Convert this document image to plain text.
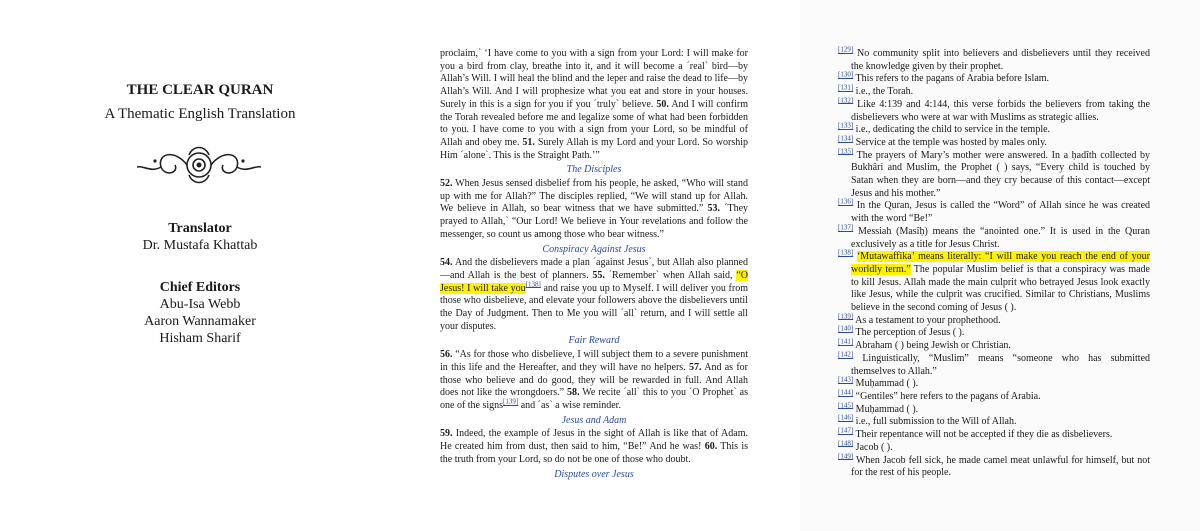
THE CLEAR QURAN
A Thematic English Translation
Translator
Dr. Mustafa Khattab
Chief Editors
Abu-Isa Webb
Aaron Wannamaker
Hisham Sharif

proclaim,` ‘I have come to you with a sign from your Lord: I will make for you a bird from clay, breathe into it, and it will become a ´real` bird—by Allah’s Will. I will heal the blind and the leper and raise the dead to life—by Allah’s Will. And I will prophesize what you eat and store in your houses. Surely in this is a sign for you if you ´truly` believe. 50. And I will confirm the Torah revealed before me and legalize some of what had been forbidden to you. I have come to you with a sign from your Lord, so be mindful of Allah and obey me. 51. Surely Allah is my Lord and your Lord. So worship Him ´alone`. This is the Straight Path.’”

The Disciples

52. When Jesus sensed disbelief from his people, he asked, “Who will stand up with me for Allah?” The disciples replied, “We will stand up for Allah. We believe in Allah, so bear witness that we have submitted.” 53. ´They prayed to Allah,` “Our Lord! We believe in Your revelations and follow the messenger, so count us among those who bear witness.”

Conspiracy Against Jesus

54. And the disbelievers made a plan ´against Jesus`, but Allah also planned—and Allah is the best of planners. 55. ´Remember` when Allah said, “O Jesus! I will take you[138] and raise you up to Myself. I will deliver you from those who disbelieve, and elevate your followers above the disbelievers until the Day of Judgment. Then to Me you will ´all` return, and I will settle all your disputes.

Fair Reward

56. “As for those who disbelieve, I will subject them to a severe punishment in this life and the Hereafter, and they will have no helpers. 57. And as for those who believe and do good, they will be rewarded in full. And Allah does not like the wrongdoers.” 58. We recite ´all` this to you ´O Prophet` as one of the signs[139] and ´as` a wise reminder.

Jesus and Adam

59. Indeed, the example of Jesus in the sight of Allah is like that of Adam. He created him from dust, then said to him, “Be!” And he was! 60. This is the truth from your Lord, so do not be one of those who doubt.

Disputes over Jesus

[129] No community split into believers and disbelievers until they received the knowledge given by their prophet.

[130] This refers to the pagans of Arabia before Islam.

[131] i.e., the Torah.

[132] Like 4:139 and 4:144, this verse forbids the believers from taking the disbelievers who were at war with Muslims as strategic allies.

[133] i.e., dedicating the child to service in the temple.

[134] Service at the temple was hosted by males only.

[135] The prayers of Mary’s mother were answered. In a ḥadîth collected by Bukhâri and Muslim, the Prophet ( ) says, “Every child is touched by Satan when they are born—and they cry because of this contact—except Jesus and his mother.”

[136] In the Quran, Jesus is called the “Word” of Allah since he was created with the word “Be!”

[137] Messiah (Masîḥ) means the “anointed one.” It is used in the Quran exclusively as a title for Jesus Christ.

[138] ‘Mutawaffika’ means literally: “I will make you reach the end of your worldly term.” The popular Muslim belief is that a conspiracy was made to kill Jesus. Allah made the main culprit who betrayed Jesus look exactly like Jesus, while the culprit was crucified. Similar to Christians, Muslims believe in the second coming of Jesus ( ).

[139] As a testament to your prophethood.

[140] The perception of Jesus ( ).

[141] Abraham ( ) being Jewish or Christian.

[142] Linguistically, “Muslim” means “someone who has submitted themselves to Allah.”

[143] Muḥammad ( ).

[144] “Gentiles” here refers to the pagans of Arabia.

[145] Muḥammad ( ).

[146] i.e., full submission to the Will of Allah.

[147] Their repentance will not be accepted if they die as disbelievers.

[148] Jacob ( ).

[149] When Jacob fell sick, he made camel meat unlawful for himself, but not for the rest of his people.
